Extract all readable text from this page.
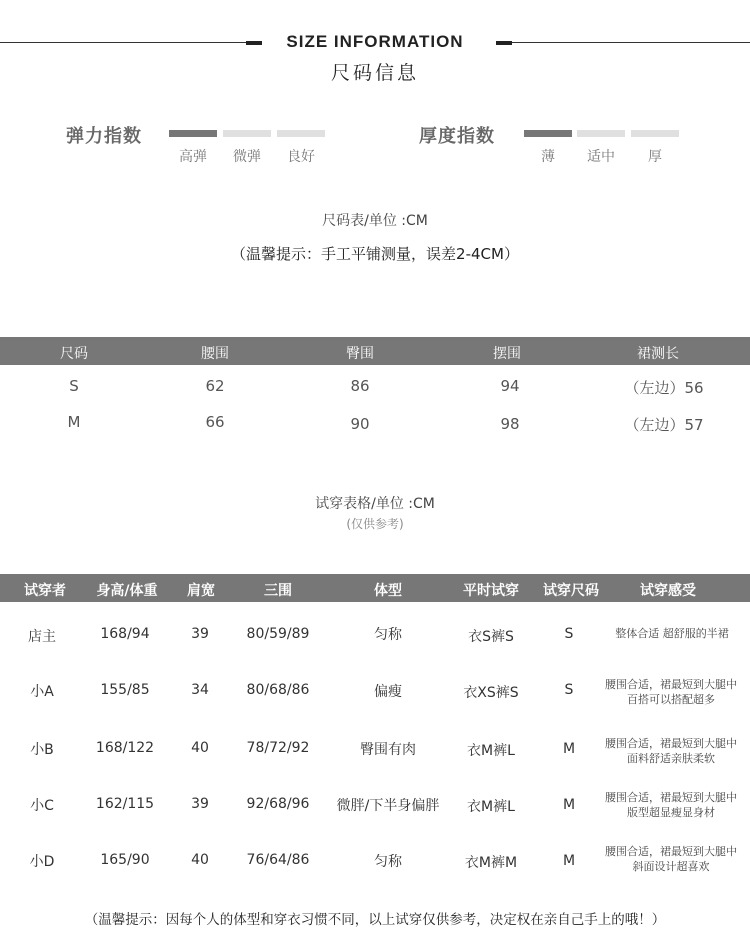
SIZE INFORMATION
尺码信息
弹力指数
高弹	微弹	良好
厚度指数
薄	适中	厚
尺码表/单位 :CM
（温馨提示：手工平铺测量，误差2-4CM）
尺码	腰围	臀围	摆围	裙测长
S	62	86	94	（左边）56
M	66	90	98	（左边）57
试穿表格/单位 :CM
(仅供参考)
试穿者	身高/体重	肩宽	三围	体型	平时试穿	试穿尺码	试穿感受
店主	168/94	39	80/59/89	匀称	衣S裤S	S	整体合适 超舒服的半裙
小A	155/85	34	80/68/86	偏瘦	衣XS裤S	S	腰围合适，裙最短到大腿中
百搭可以搭配超多
小B	168/122	40	78/72/92	臀围有肉	衣M裤L	M	腰围合适，裙最短到大腿中
面料舒适亲肤柔软
小C	162/115	39	92/68/96	微胖/下半身偏胖	衣M裤L	M	腰围合适，裙最短到大腿中
版型超显瘦显身材
小D	165/90	40	76/64/86	匀称	衣M裤M	M
腰围合适，裙最短到大腿中
斜面设计超喜欢
（温馨提示：因每个人的体型和穿衣习惯不同，以上试穿仅供参考，决定权在亲自己手上的哦！）
